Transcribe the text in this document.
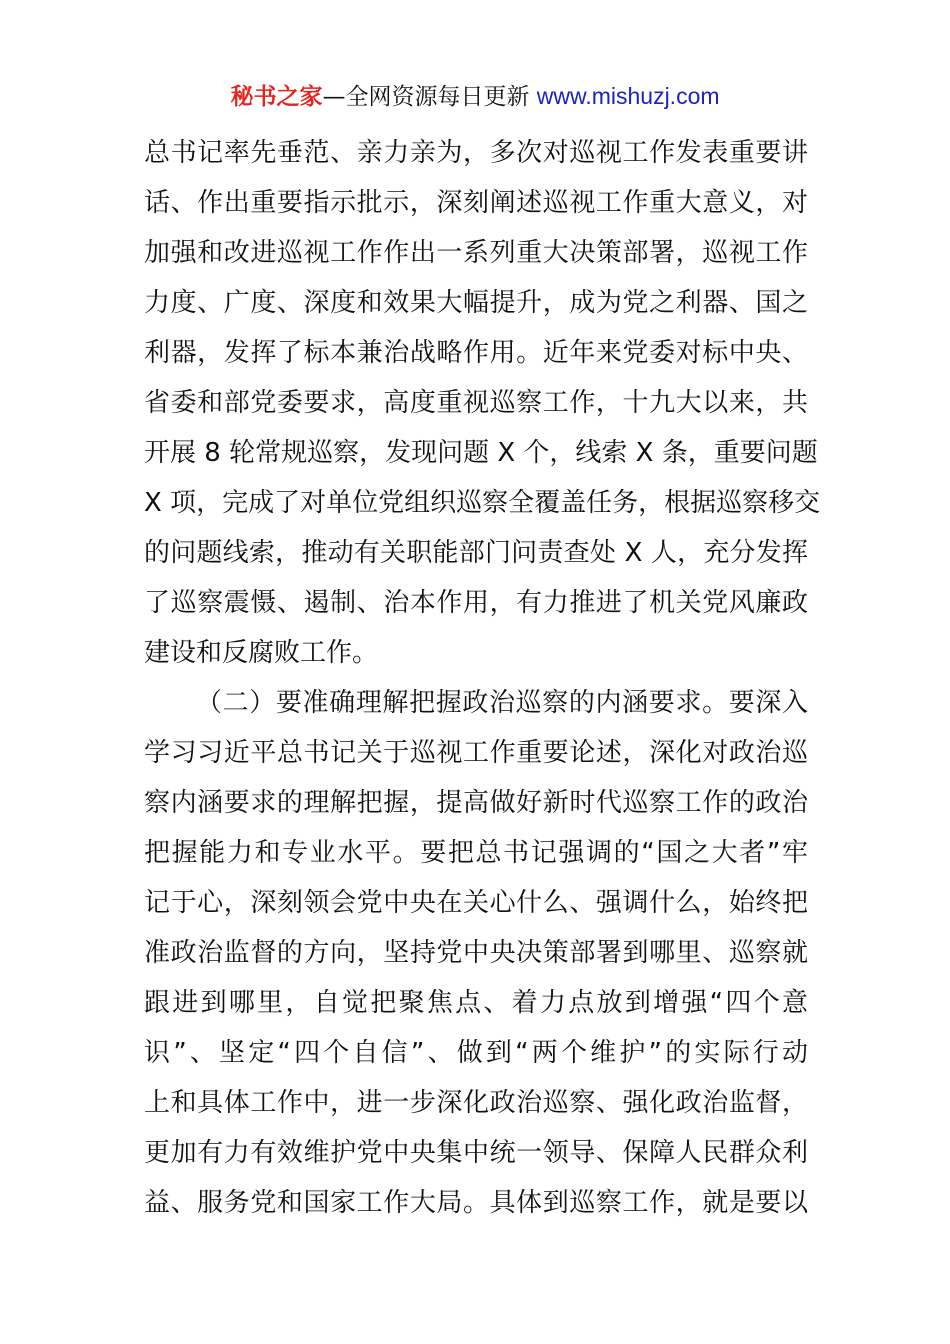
秘书之家—全网资源每日更新 www.mishuzj.com
总书记率先垂范、亲力亲为，多次对巡视工作发表重要讲
话、作出重要指示批示，深刻阐述巡视工作重大意义，对
加强和改进巡视工作作出一系列重大决策部署，巡视工作
力度、广度、深度和效果大幅提升，成为党之利器、国之
利器，发挥了标本兼治战略作用。近年来党委对标中央、
省委和部党委要求，高度重视巡察工作，十九大以来，共
开展 8 轮常规巡察，发现问题 X 个，线索 X 条，重要问题
X 项，完成了对单位党组织巡察全覆盖任务，根据巡察移交
的问题线索，推动有关职能部门问责查处 X 人，充分发挥
了巡察震慑、遏制、治本作用，有力推进了机关党风廉政
建设和反腐败工作。
（二）要准确理解把握政治巡察的内涵要求。要深入
学习习近平总书记关于巡视工作重要论述，深化对政治巡
察内涵要求的理解把握，提高做好新时代巡察工作的政治
把握能力和专业水平。要把总书记强调的“国之大者”牢
记于心，深刻领会党中央在关心什么、强调什么，始终把
准政治监督的方向，坚持党中央决策部署到哪里、巡察就
跟进到哪里，自觉把聚焦点、着力点放到增强“四个意
识”、坚定“四个自信”、做到“两个维护”的实际行动
上和具体工作中，进一步深化政治巡察、强化政治监督，
更加有力有效维护党中央集中统一领导、保障人民群众利
益、服务党和国家工作大局。具体到巡察工作，就是要以
